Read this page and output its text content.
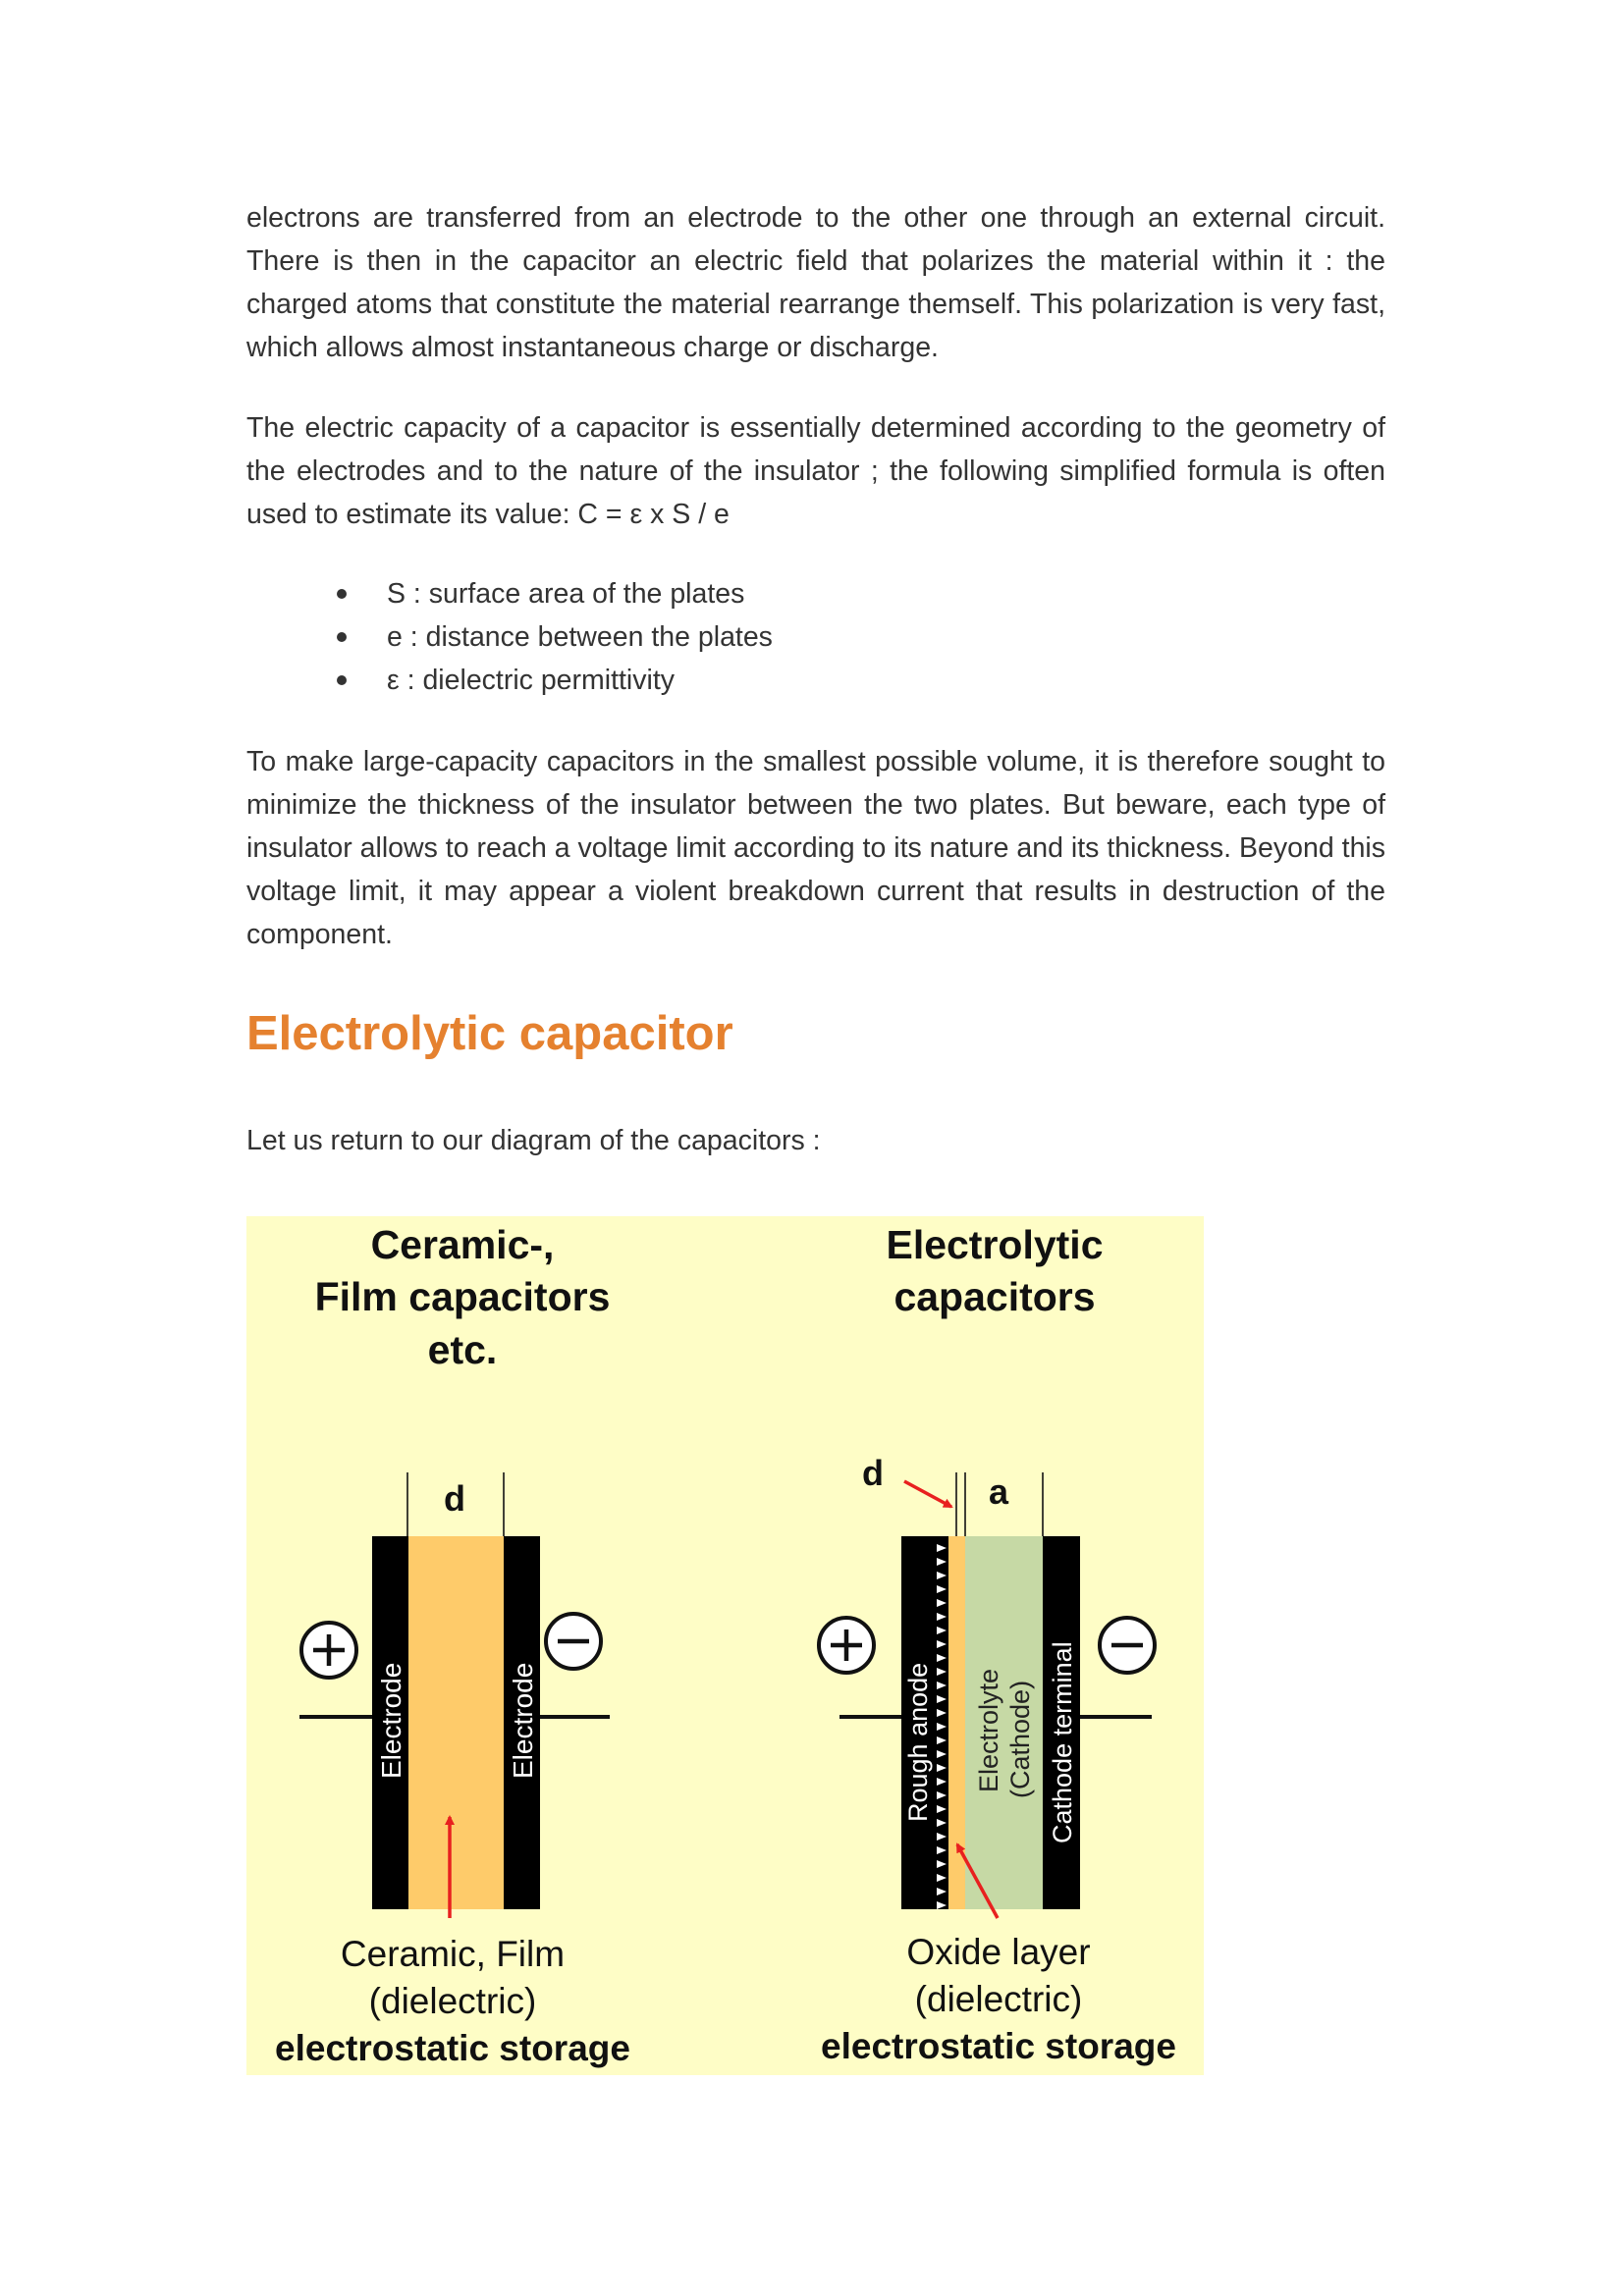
electrons are transferred from an electrode to the other one through an external circuit. There is then in the capacitor an electric field that polarizes the material within it : the charged atoms that constitute the material rearrange themself. This polarization is very fast, which allows almost instantaneous charge or discharge.

The electric capacity of a capacitor is essentially determined according to the geometry of the electrodes and to the nature of the insulator ; the following simplified formula is often used to estimate its value: C = ε x S / e

S : surface area of the plates
e : distance between the plates
ε : dielectric permittivity

To make large-capacity capacitors in the smallest possible volume, it is therefore sought to minimize the thickness of the insulator between the two plates. But beware, each type of insulator allows to reach a voltage limit according to its nature and its thickness. Beyond this voltage limit, it may appear a violent breakdown current that results in destruction of the component.

Electrolytic capacitor
Let us return to our diagram of the capacitors :
Ceramic-,
Film capacitors
etc.
Electrolytic
capacitors
d
Electrode	Electrode
Ceramic, Film
(dielectric)
electrostatic storage
d	a
Rough anode Electrolyte (Cathode) Cathode terminal
Oxide layer
(dielectric)
electrostatic storage
